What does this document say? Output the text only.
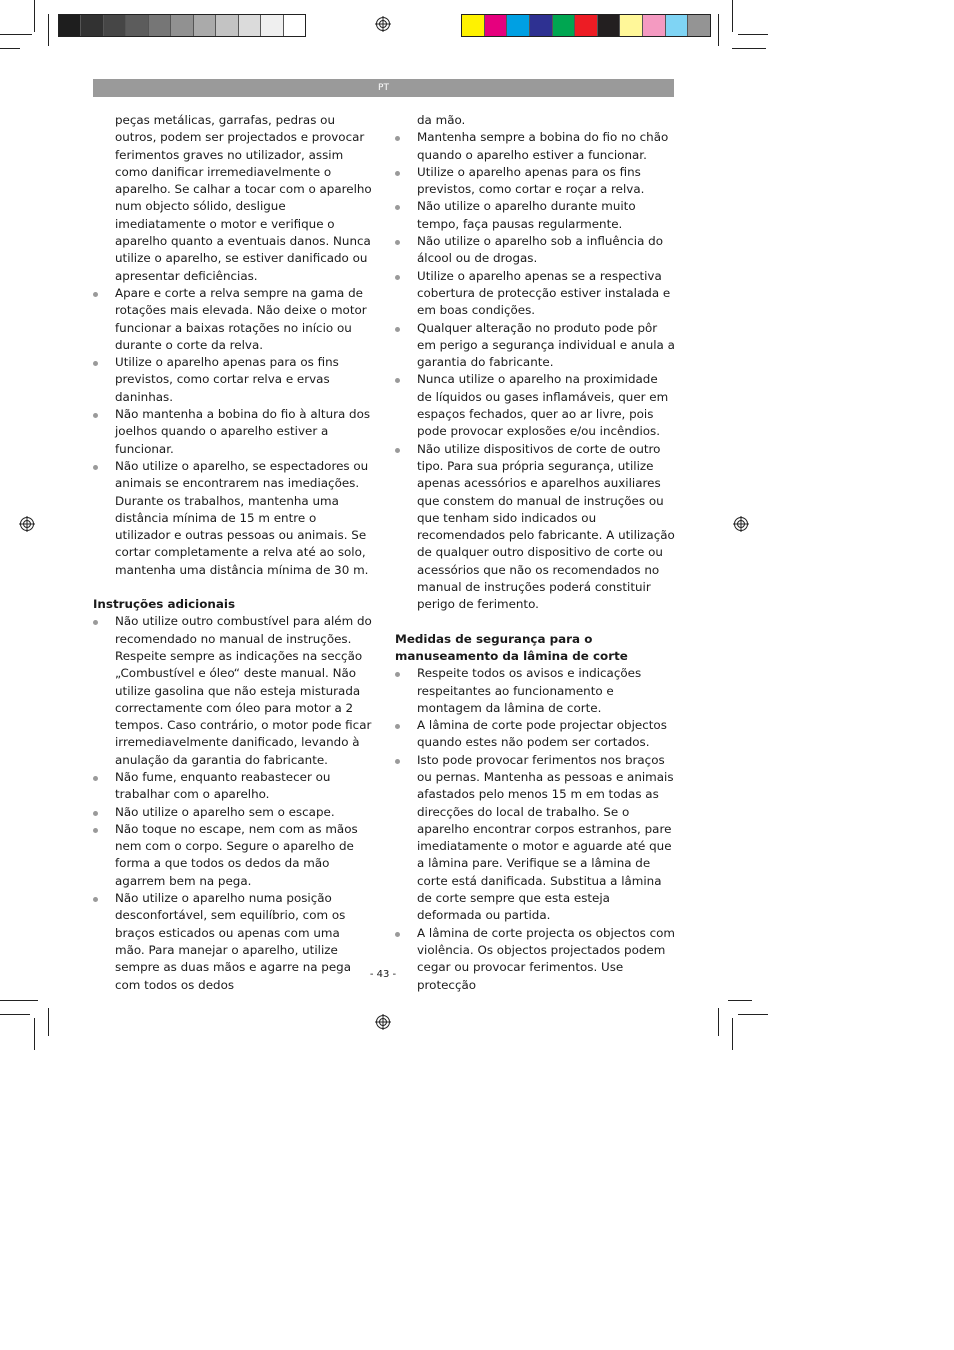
PT

peças metálicas, garrafas, pedras ou outros, podem ser projectados e provocar ferimentos graves no utilizador, assim como danificar irremediavelmente o aparelho. Se calhar a tocar com o aparelho num objecto sólido, desligue imediatamente o motor e verifique o aparelho quanto a eventuais danos. Nunca utilize o aparelho, se estiver danificado ou apresentar deficiências.

Apare e corte a relva sempre na gama de rotações mais elevada. Não deixe o motor funcionar a baixas rotações no início ou durante o corte da relva.
Utilize o aparelho apenas para os fins previstos, como cortar relva e ervas daninhas.
Não mantenha a bobina do fio à altura dos joelhos quando o aparelho estiver a funcionar.
Não utilize o aparelho, se espectadores ou animais se encontrarem nas imediações. Durante os trabalhos, mantenha uma distância mínima de 15 m entre o utilizador e outras pessoas ou animais. Se cortar completamente a relva até ao solo, mantenha uma distância mínima de 30 m.
Instruções adicionais
Não utilize outro combustível para além do recomendado no manual de instruções. Respeite sempre as indicações na secção „Combustível e óleo“ deste manual. Não utilize gasolina que não esteja misturada correctamente com óleo para motor a 2 tempos. Caso contrário, o motor pode ficar irremediavelmente danificado, levando à anulação da garantia do fabricante.
Não fume, enquanto reabastecer ou trabalhar com o aparelho.
Não utilize o aparelho sem o escape.
Não toque no escape, nem com as mãos nem com o corpo. Segure o aparelho de forma a que todos os dedos da mão agarrem bem na pega.
Não utilize o aparelho numa posição desconfortável, sem equilíbrio, com os braços esticados ou apenas com uma mão. Para manejar o aparelho, utilize sempre as duas mãos e agarre na pega com todos os dedos

da mão.

Mantenha sempre a bobina do fio no chão quando o aparelho estiver a funcionar.
Utilize o aparelho apenas para os fins previstos, como cortar e roçar a relva.
Não utilize o aparelho durante muito tempo, faça pausas regularmente.
Não utilize o aparelho sob a influência do álcool ou de drogas.
Utilize o aparelho apenas se a respectiva cobertura de protecção estiver instalada e em boas condições.
Qualquer alteração no produto pode pôr em perigo a segurança individual e anula a garantia do fabricante.
Nunca utilize o aparelho na proximidade de líquidos ou gases inflamáveis, quer em espaços fechados, quer ao ar livre, pois pode provocar explosões e/ou incêndios.
Não utilize dispositivos de corte de outro tipo. Para sua própria segurança, utilize apenas acessórios e aparelhos auxiliares que constem do manual de instruções ou que tenham sido indicados ou recomendados pelo fabricante. A utilização de qualquer outro dispositivo de corte ou acessórios que não os recomendados no manual de instruções poderá constituir perigo de ferimento.
Medidas de segurança para o manuseamento da lâmina de corte
Respeite todos os avisos e indicações respeitantes ao funcionamento e montagem da lâmina de corte.
A lâmina de corte pode projectar objectos quando estes não podem ser cortados.
Isto pode provocar ferimentos nos braços ou pernas. Mantenha as pessoas e animais afastados pelo menos 15 m em todas as direcções do local de trabalho. Se o aparelho encontrar corpos estranhos, pare imediatamente o motor e aguarde até que a lâmina pare. Verifique se a lâmina de corte está danificada. Substitua a lâmina de corte sempre que esta esteja deformada ou partida.
A lâmina de corte projecta os objectos com violência. Os objectos projectados podem cegar ou provocar ferimentos. Use protecção
- 43 -
